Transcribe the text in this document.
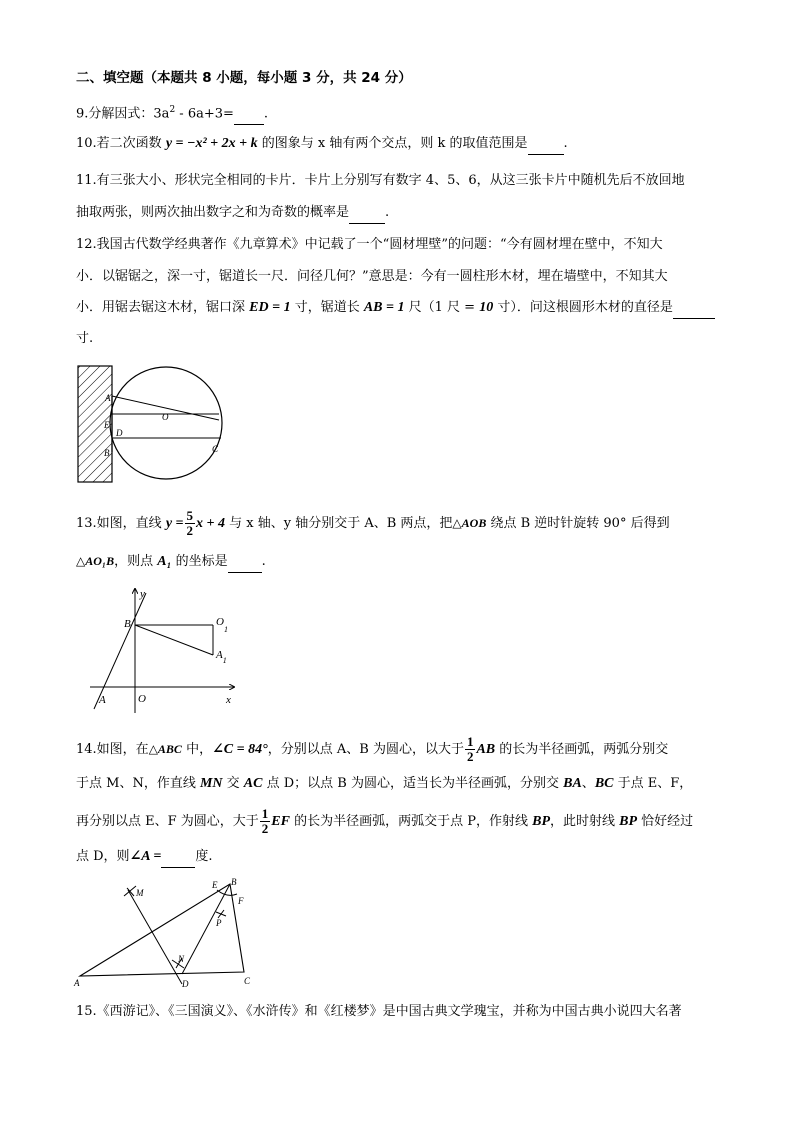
二、填空题（本题共 8 小题，每小题 3 分，共 24 分）
9.分解因式：$3a^2 - 6a+3=$ .
10.若二次函数 y = −x² + 2x + k 的图象与 x 轴有两个交点，则 k 的取值范围是	.
11.有三张大小、形状完全相同的卡片．卡片上分别写有数字 4、5、6，从这三张卡片中随机先后不放回地
抽取两张，则两次抽出数字之和为奇数的概率是	.
12.我国古代数学经典著作《九章算术》中记载了一个“圆材埋壁”的问题：“今有圆材埋在壁中，不知大
小．以锯锯之，深一寸，锯道长一尺．问径几何？”意思是：今有一圆柱形木材，埋在墙壁中，不知其大
小．用锯去锯这木材，锯口深 ED = 1 寸，锯道长 AB = 1 尺（1 尺 = 10 寸）．问这根圆形木材的直径是
寸.
A
E
D
B
O
C
13.如图，直线 $y = \frac{5}{2}$ x + 4 与 x 轴、y 轴分别交于 A、B 两点，把△AOB 绕点 B 逆时针旋转 90° 后得到
△AO₁B，则点 A₁ 的坐标是	.
y
B	$O_1$
$A_1$
A	O	x
14.如图，在△ABC 中，∠C = 84°，分别以点 A、B 为圆心，以大于 $\frac{1}{2}$ AB 的长为半径画弧，两弧分别交
于点 M、N，作直线 MN 交 AC 点 D；以点 B 为圆心，适当长为半径画弧，分别交 BA、BC 于点 E、F，
再分别以点 E、F 为圆心，大于 $\frac{1}{2}$ EF 的长为半径画弧，两弧交于点 P，作射线 BP，此时射线 BP 恰好经过
点 D，则∠A =	度.
M
E B
F
P
N
A	D	C
15.《西游记》、《三国演义》、《水浒传》和《红楼梦》是中国古典文学瑰宝，并称为中国古典小说四大名著
